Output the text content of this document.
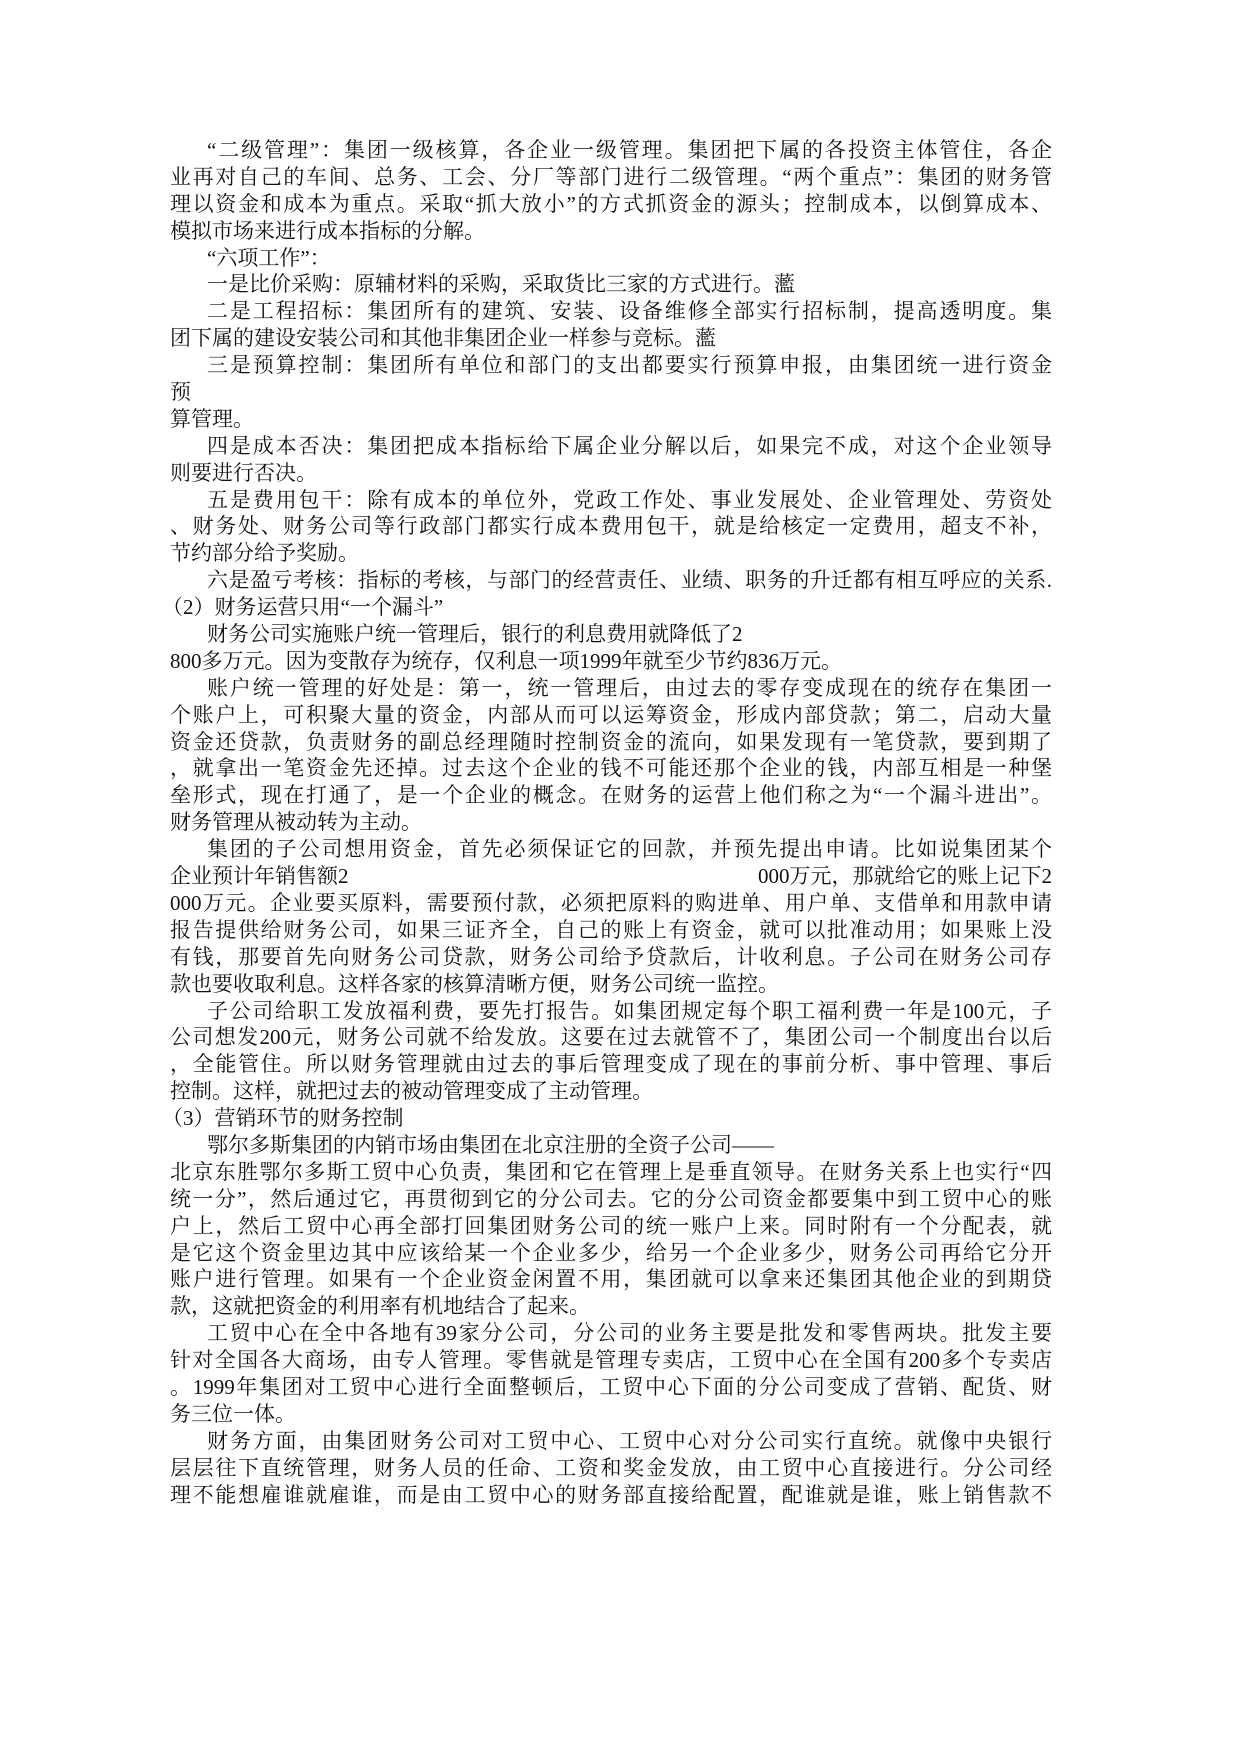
“二级管理”：集团一级核算，各企业一级管理。集团把下属的各投资主体管住，各企
业再对自己的车间、总务、工会、分厂等部门进行二级管理。“两个重点”：集团的财务管
理以资金和成本为重点。采取“抓大放小”的方式抓资金的源头；控制成本，以倒算成本、
模拟市场来进行成本指标的分解。
“六项工作”：
一是比价采购：原辅材料的采购，采取货比三家的方式进行。蘫
二是工程招标：集团所有的建筑、安装、设备维修全部实行招标制，提高透明度。集
团下属的建设安装公司和其他非集团企业一样参与竞标。蘫
三是预算控制：集团所有单位和部门的支出都要实行预算申报，由集团统一进行资金
预
算管理。
四是成本否决：集团把成本指标给下属企业分解以后，如果完不成，对这个企业领导
则要进行否决。
五是费用包干：除有成本的单位外，党政工作处、事业发展处、企业管理处、劳资处
、财务处、财务公司等行政部门都实行成本费用包干，就是给核定一定费用，超支不补，
节约部分给予奖励。
六是盈亏考核：指标的考核，与部门的经营责任、业绩、职务的升迁都有相互呼应的关系.
（2）财务运营只用“一个漏斗”
财务公司实施账户统一管理后，银行的利息费用就降低了2
800多万元。因为变散存为统存，仅利息一项1999年就至少节约836万元。
账户统一管理的好处是：第一，统一管理后，由过去的零存变成现在的统存在集团一
个账户上，可积聚大量的资金，内部从而可以运筹资金，形成内部贷款；第二，启动大量
资金还贷款，负责财务的副总经理随时控制资金的流向，如果发现有一笔贷款，要到期了
，就拿出一笔资金先还掉。过去这个企业的钱不可能还那个企业的钱，内部互相是一种堡
垒形式，现在打通了，是一个企业的概念。在财务的运营上他们称之为“一个漏斗进出”。
财务管理从被动转为主动。
集团的子公司想用资金，首先必须保证它的回款，并预先提出申请。比如说集团某个
企业预计年销售额2	000万元，那就给它的账上记下2
000万元。企业要买原料，需要预付款，必须把原料的购进单、用户单、支借单和用款申请
报告提供给财务公司，如果三证齐全，自己的账上有资金，就可以批准动用；如果账上没
有钱，那要首先向财务公司贷款，财务公司给予贷款后，计收利息。子公司在财务公司存
款也要收取利息。这样各家的核算清晰方便，财务公司统一监控。
子公司给职工发放福利费，要先打报告。如集团规定每个职工福利费一年是100元，子
公司想发200元，财务公司就不给发放。这要在过去就管不了，集团公司一个制度出台以后
，全能管住。所以财务管理就由过去的事后管理变成了现在的事前分析、事中管理、事后
控制。这样，就把过去的被动管理变成了主动管理。
（3）营销环节的财务控制
鄂尔多斯集团的内销市场由集团在北京注册的全资子公司——
北京东胜鄂尔多斯工贸中心负责，集团和它在管理上是垂直领导。在财务关系上也实行“四
统一分”，然后通过它，再贯彻到它的分公司去。它的分公司资金都要集中到工贸中心的账
户上，然后工贸中心再全部打回集团财务公司的统一账户上来。同时附有一个分配表，就
是它这个资金里边其中应该给某一个企业多少，给另一个企业多少，财务公司再给它分开
账户进行管理。如果有一个企业资金闲置不用，集团就可以拿来还集团其他企业的到期贷
款，这就把资金的利用率有机地结合了起来。
工贸中心在全中各地有39家分公司，分公司的业务主要是批发和零售两块。批发主要
针对全国各大商场，由专人管理。零售就是管理专卖店，工贸中心在全国有200多个专卖店
。1999年集团对工贸中心进行全面整顿后，工贸中心下面的分公司变成了营销、配货、财
务三位一体。
财务方面，由集团财务公司对工贸中心、工贸中心对分公司实行直统。就像中央银行
层层往下直统管理，财务人员的任命、工资和奖金发放，由工贸中心直接进行。分公司经
理不能想雇谁就雇谁，而是由工贸中心的财务部直接给配置，配谁就是谁，账上销售款不
